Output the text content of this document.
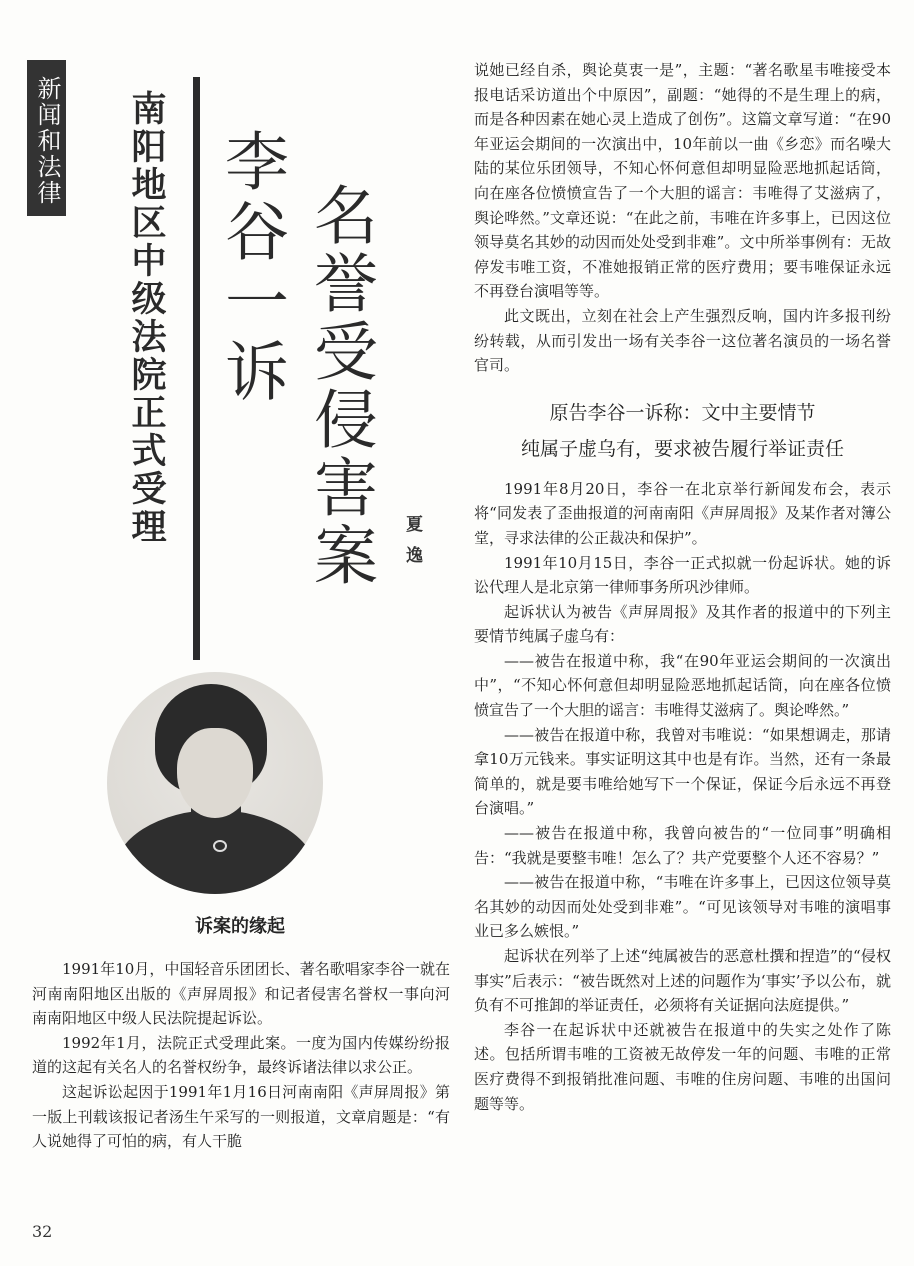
新闻和法律 南阳地区中级法院正式受理 李谷一诉 名誉受侵害案 夏逸
诉案的缘起

1991年10月，中国轻音乐团团长、著名歌唱家李谷一就在河南南阳地区出版的《声屏周报》和记者侵害名誉权一事向河南南阳地区中级人民法院提起诉讼。

1992年1月，法院正式受理此案。一度为国内传媒纷纷报道的这起有关名人的名誉权纷争，最终诉诸法律以求公正。

这起诉讼起因于1991年1月16日河南南阳《声屏周报》第一版上刊载该报记者汤生午采写的一则报道，文章肩题是：“有人说她得了可怕的病，有人干脆

说她已经自杀，舆论莫衷一是”，主题：“著名歌星韦唯接受本报电话采访道出个中原因”，副题：“她得的不是生理上的病，而是各种因素在她心灵上造成了创伤”。这篇文章写道：“在90年亚运会期间的一次演出中，10年前以一曲《乡恋》而名噪大陆的某位乐团领导，不知心怀何意但却明显险恶地抓起话筒，向在座各位愤愤宣告了一个大胆的谣言：韦唯得了艾滋病了，舆论哗然。”文章还说：“在此之前，韦唯在许多事上，已因这位领导莫名其妙的动因而处处受到非难”。文中所举事例有：无故停发韦唯工资，不准她报销正常的医疗费用；要韦唯保证永远不再登台演唱等等。

此文既出，立刻在社会上产生强烈反响，国内许多报刊纷纷转载，从而引发出一场有关李谷一这位著名演员的一场名誉官司。

原告李谷一诉称：文中主要情节
纯属子虚乌有，要求被告履行举证责任

1991年8月20日，李谷一在北京举行新闻发布会，表示将“同发表了歪曲报道的河南南阳《声屏周报》及某作者对簿公堂，寻求法律的公正裁决和保护”。

1991年10月15日，李谷一正式拟就一份起诉状。她的诉讼代理人是北京第一律师事务所巩沙律师。

起诉状认为被告《声屏周报》及其作者的报道中的下列主要情节纯属子虚乌有：

——被告在报道中称，我“在90年亚运会期间的一次演出中”，“不知心怀何意但却明显险恶地抓起话筒，向在座各位愤愤宣告了一个大胆的谣言：韦唯得艾滋病了。舆论哗然。”

——被告在报道中称，我曾对韦唯说：“如果想调走，那请拿10万元钱来。事实证明这其中也是有诈。当然，还有一条最简单的，就是要韦唯给她写下一个保证，保证今后永远不再登台演唱。”

——被告在报道中称，我曾向被告的“一位同事”明确相告：“我就是要整韦唯！怎么了？共产党要整个人还不容易？”

——被告在报道中称，“韦唯在许多事上，已因这位领导莫名其妙的动因而处处受到非难”。“可见该领导对韦唯的演唱事业已多么嫉恨。”

起诉状在列举了上述“纯属被告的恶意杜撰和捏造”的“侵权事实”后表示：“被告既然对上述的问题作为‘事实’予以公布，就负有不可推卸的举证责任，必须将有关证据向法庭提供。”

李谷一在起诉状中还就被告在报道中的失实之处作了陈述。包括所谓韦唯的工资被无故停发一年的问题、韦唯的正常医疗费得不到报销批准问题、韦唯的住房问题、韦唯的出国问题等等。

32
